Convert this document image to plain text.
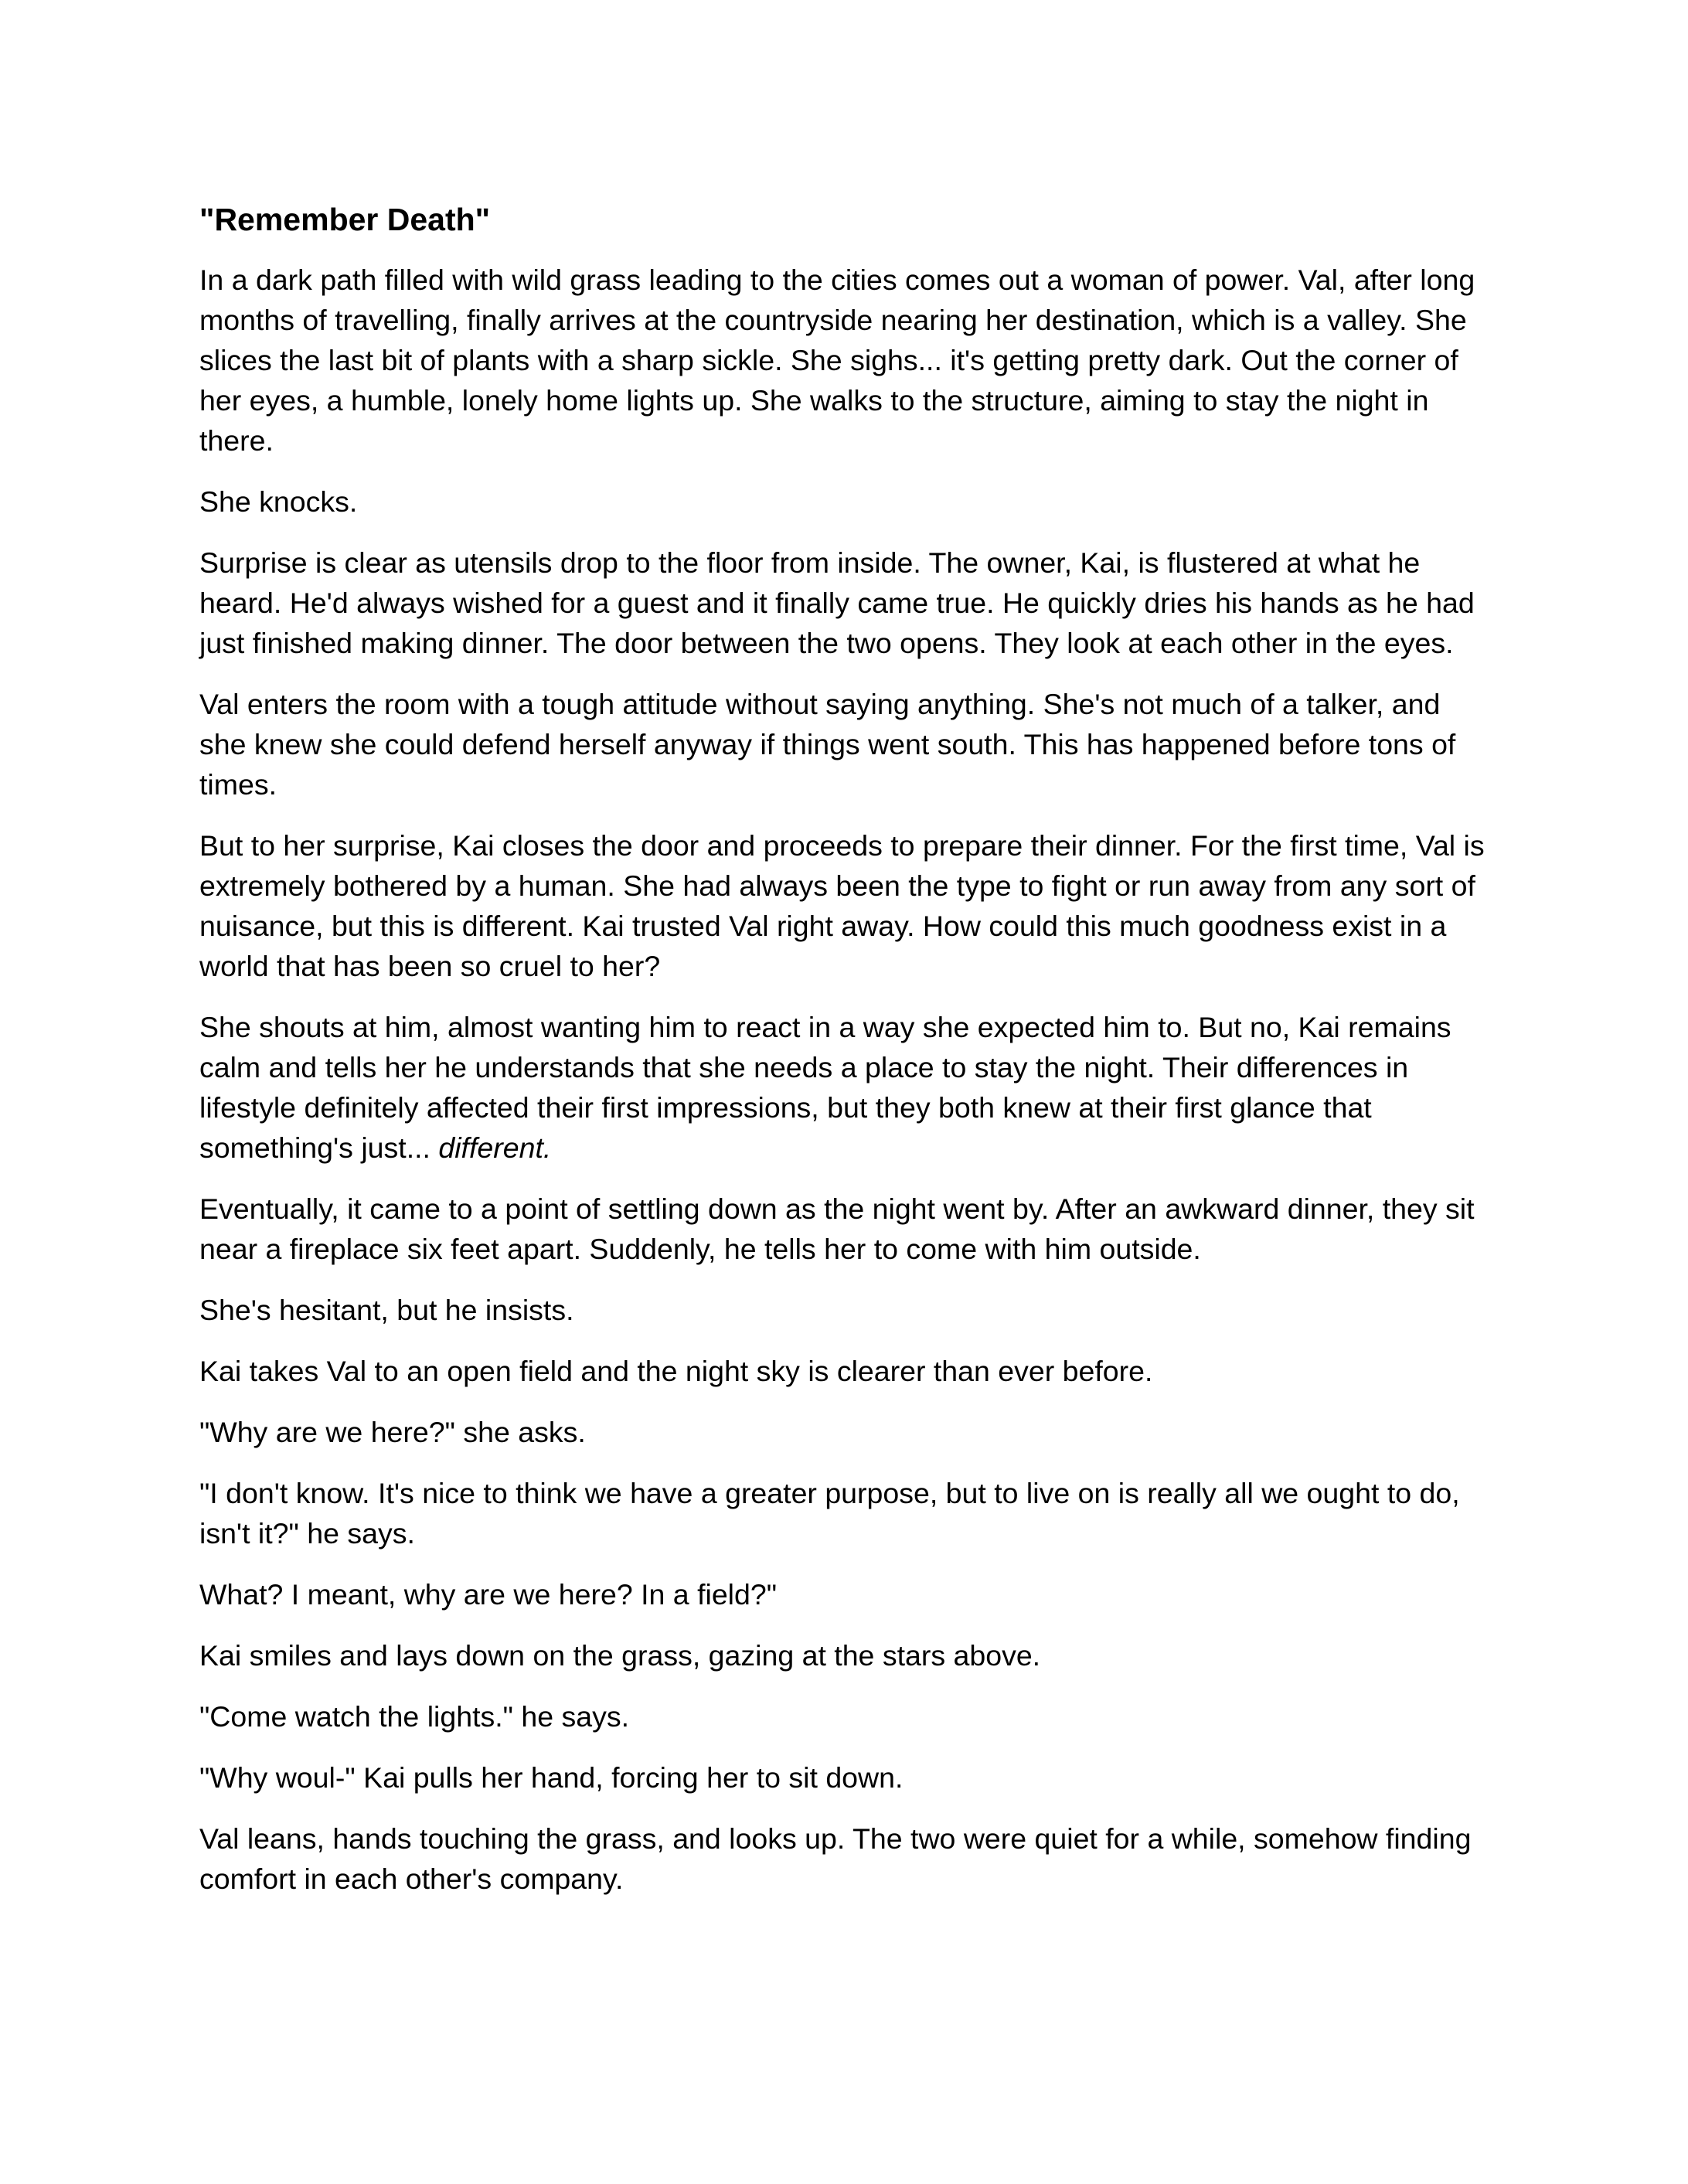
"Remember Death"

In a dark path filled with wild grass leading to the cities comes out a woman of power. Val, after long months of travelling, finally arrives at the countryside nearing her destination, which is a valley. She slices the last bit of plants with a sharp sickle. She sighs... it's getting pretty dark. Out the corner of her eyes, a humble, lonely home lights up. She walks to the structure, aiming to stay the night in there.

She knocks.

Surprise is clear as utensils drop to the floor from inside. The owner, Kai, is flustered at what he heard. He'd always wished for a guest and it finally came true. He quickly dries his hands as he had just finished making dinner. The door between the two opens. They look at each other in the eyes.

Val enters the room with a tough attitude without saying anything. She's not much of a talker, and she knew she could defend herself anyway if things went south. This has happened before tons of times.

But to her surprise, Kai closes the door and proceeds to prepare their dinner. For the first time, Val is extremely bothered by a human. She had always been the type to fight or run away from any sort of nuisance, but this is different. Kai trusted Val right away. How could this much goodness exist in a world that has been so cruel to her?

She shouts at him, almost wanting him to react in a way she expected him to. But no, Kai remains calm and tells her he understands that she needs a place to stay the night. Their differences in lifestyle definitely affected their first impressions, but they both knew at their first glance that something's just... different.

Eventually, it came to a point of settling down as the night went by. After an awkward dinner, they sit near a fireplace six feet apart. Suddenly, he tells her to come with him outside.

She's hesitant, but he insists.

Kai takes Val to an open field and the night sky is clearer than ever before.

"Why are we here?" she asks.

"I don't know. It's nice to think we have a greater purpose, but to live on is really all we ought to do, isn't it?" he says.

What? I meant, why are we here? In a field?"

Kai smiles and lays down on the grass, gazing at the stars above.

"Come watch the lights." he says.

"Why woul-" Kai pulls her hand, forcing her to sit down.

Val leans, hands touching the grass, and looks up. The two were quiet for a while, somehow finding comfort in each other's company.
